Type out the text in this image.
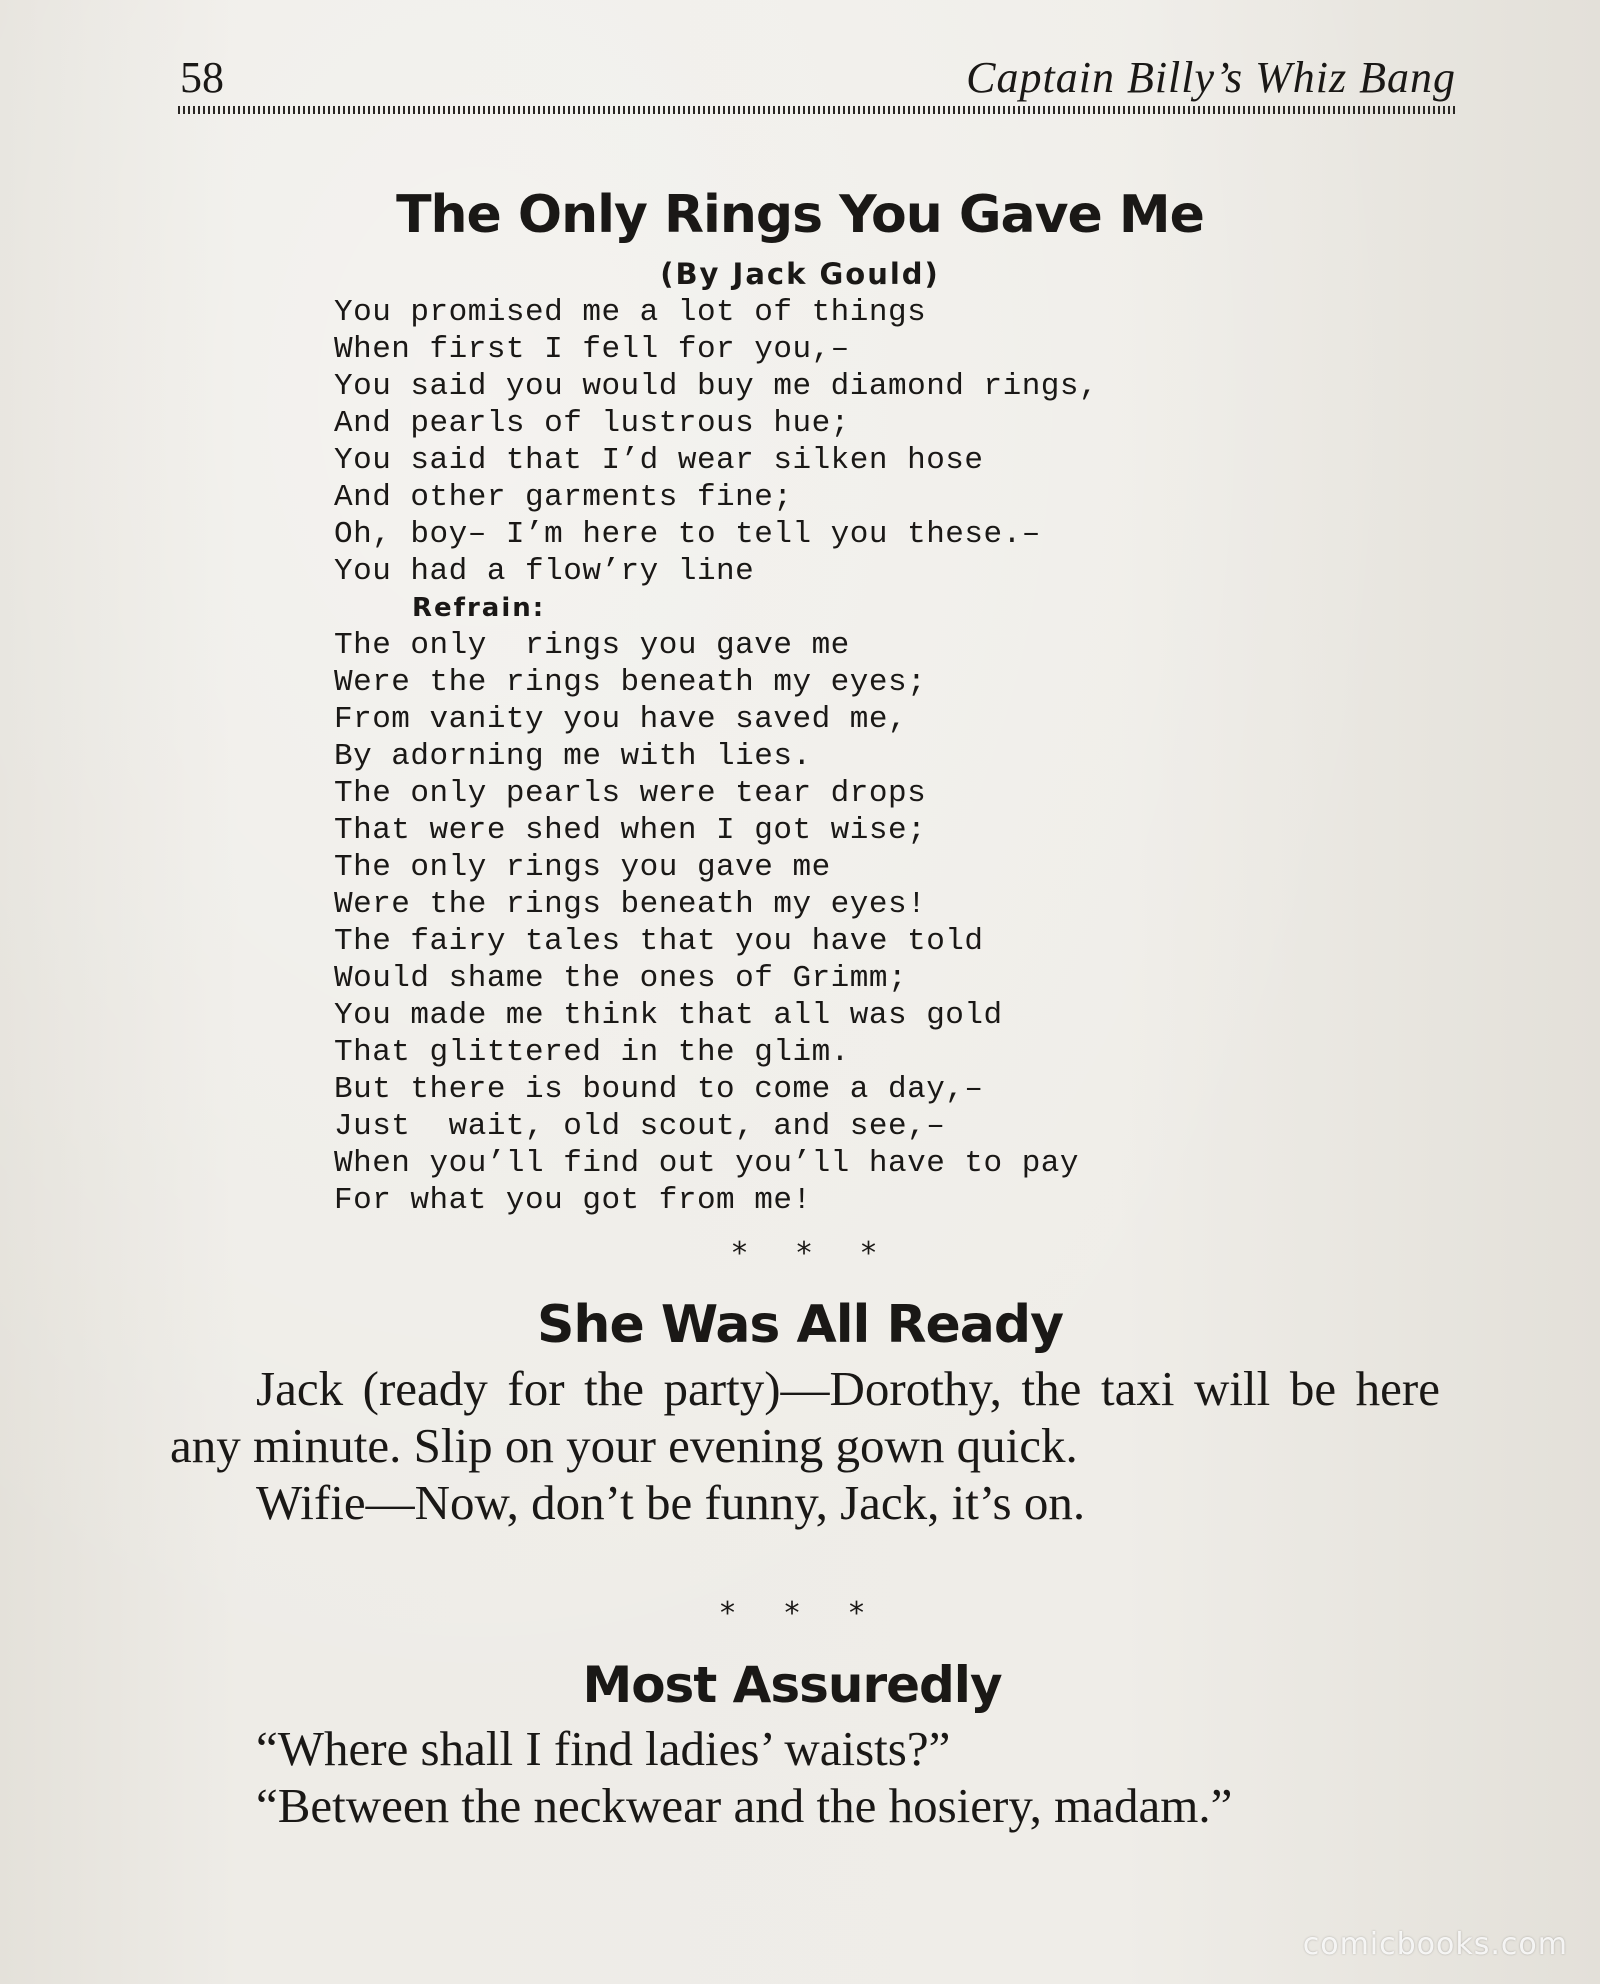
58	Captain Billy’s Whiz Bang
The Only Rings You Gave Me
(By Jack Gould)
You promised me a lot of things
When first I fell for you,–
You said you would buy me diamond rings,
And pearls of lustrous hue;
You said that I’d wear silken hose
And other garments fine;
Oh, boy– I’m here to tell you these.–
You had a flow’ry line
Refrain:
The only  rings you gave me
Were the rings beneath my eyes;
From vanity you have saved me,
By adorning me with lies.
The only pearls were tear drops
That were shed when I got wise;
The only rings you gave me
Were the rings beneath my eyes!
The fairy tales that you have told
Would shame the ones of Grimm;
You made me think that all was gold
That glittered in the glim.
But there is bound to come a day,–
Just  wait, old scout, and see,–
When you’ll find out you’ll have to pay
For what you got from me!
* * *
She Was All Ready

Jack (ready for the party)—Dorothy, the taxi will be here any minute. Slip on your evening gown quick.

Wifie—Now, don’t be funny, Jack, it’s on.

* * *
Most Assuredly

“Where shall I find ladies’ waists?”

“Between the neckwear and the hosiery, madam.”

comicbooks.com
